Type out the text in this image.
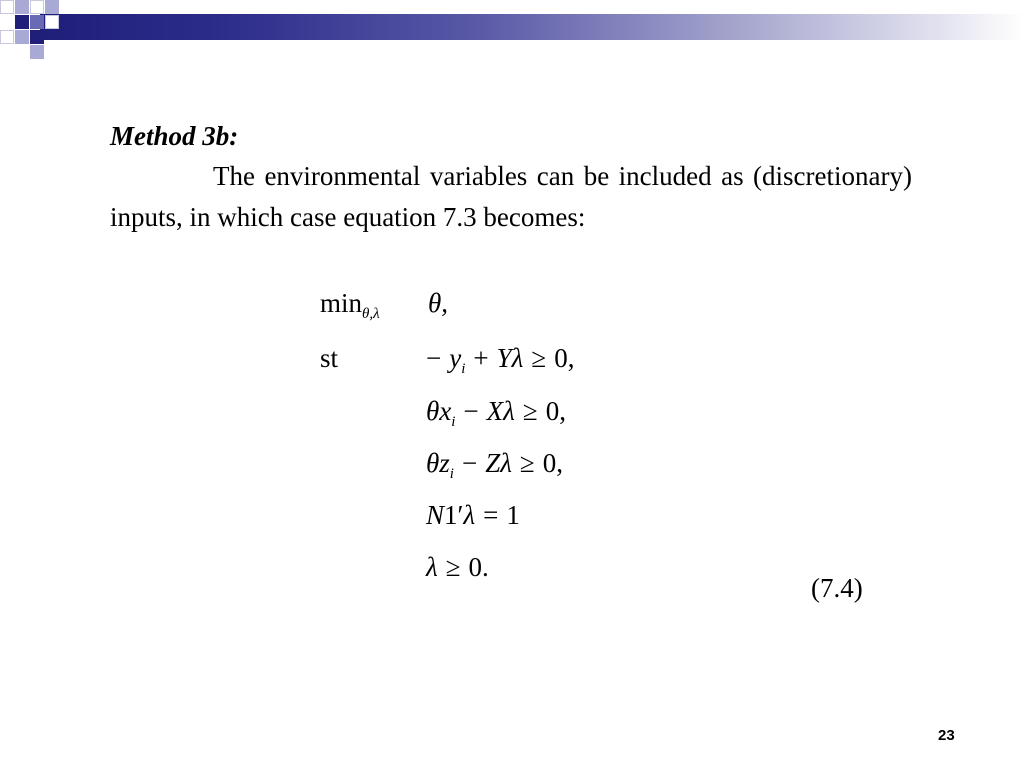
Method 3b:
The environmental variables can be included as (discretionary) inputs, in which case equation 7.3 becomes:
$\min_{\theta,\lambda} \theta$,
st	− $y_i + Y\lambda \ge 0$,
$\theta x_i - X\lambda \ge 0$,
$\theta z_i - Z\lambda \ge 0$,
N1′λ = 1
λ ≥ 0.
(7.4)
23
